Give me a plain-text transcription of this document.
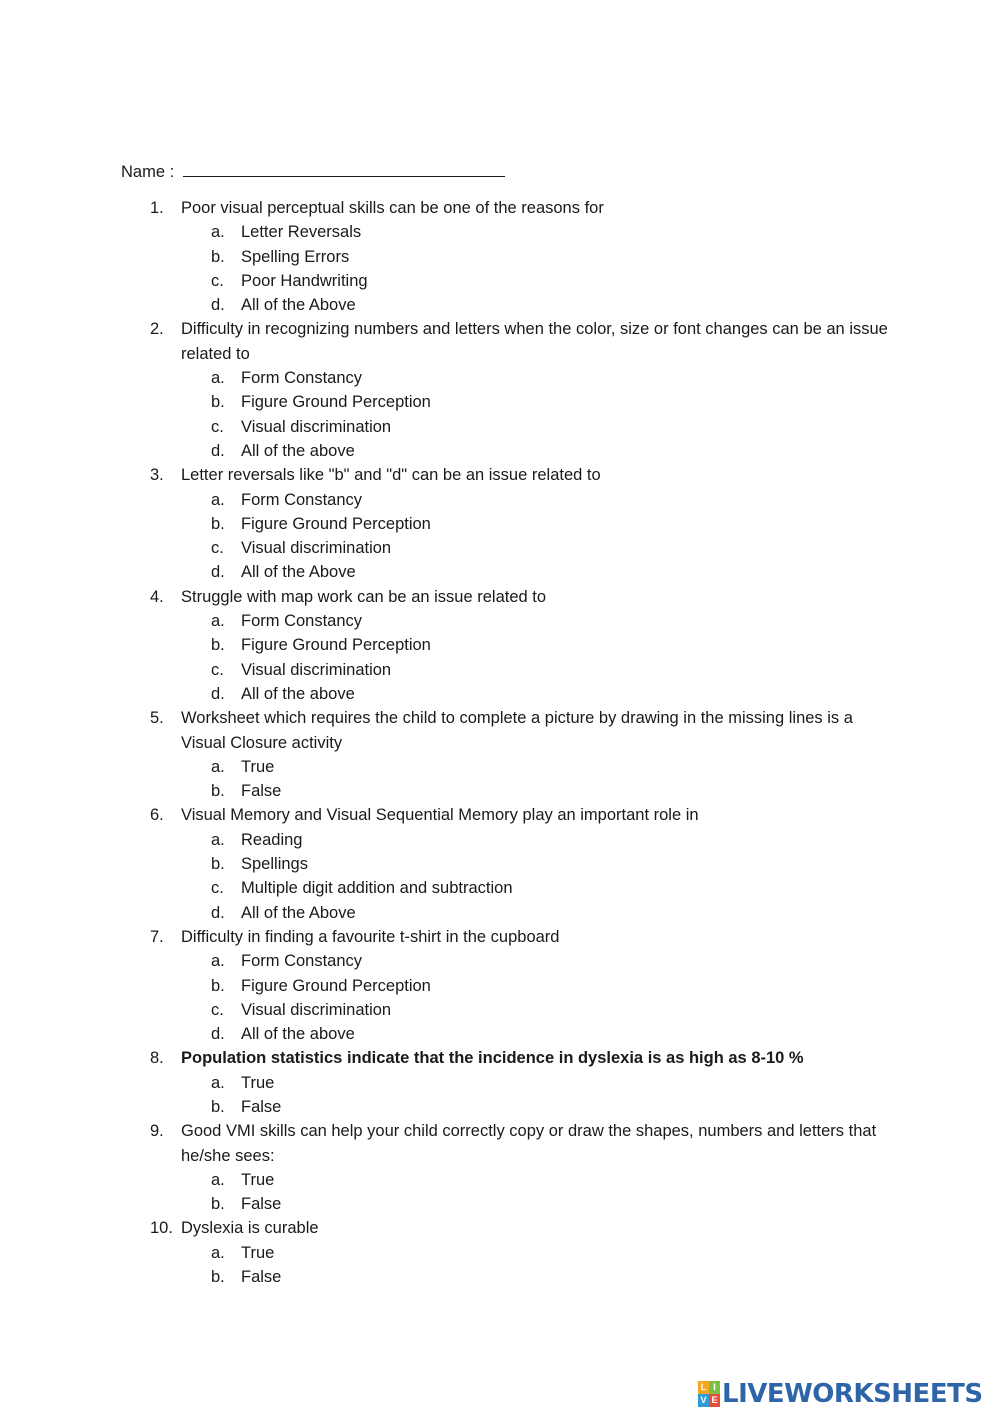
Name :
1. Poor visual perceptual skills can be one of the reasons for
a. Letter Reversals
b. Spelling Errors
c. Poor Handwriting
d. All of the Above
2. Difficulty in recognizing numbers and letters when the color, size or font changes can be an issue related to
a. Form Constancy
b. Figure Ground Perception
c. Visual discrimination
d. All of the above
3. Letter reversals like "b" and "d" can be an issue related to
a. Form Constancy
b. Figure Ground Perception
c. Visual discrimination
d. All of the Above
4. Struggle with map work can be an issue related to
a. Form Constancy
b. Figure Ground Perception
c. Visual discrimination
d. All of the above
5. Worksheet which requires the child to complete a picture by drawing in the missing lines is a Visual Closure activity
a. True
b. False
6. Visual Memory and Visual Sequential Memory play an important role in
a. Reading
b. Spellings
c. Multiple digit addition and subtraction
d. All of the Above
7. Difficulty in finding a favourite t-shirt in the cupboard
a. Form Constancy
b. Figure Ground Perception
c. Visual discrimination
d. All of the above
8. Population statistics indicate that the incidence in dyslexia is as high as 8-10 %
a. True
b. False
9. Good VMI skills can help your child correctly copy or draw the shapes, numbers and letters that he/she sees:
a. True
b. False
10. Dyslexia is curable
a. True
b. False
L I
V E LIVEWORKSHEETS
